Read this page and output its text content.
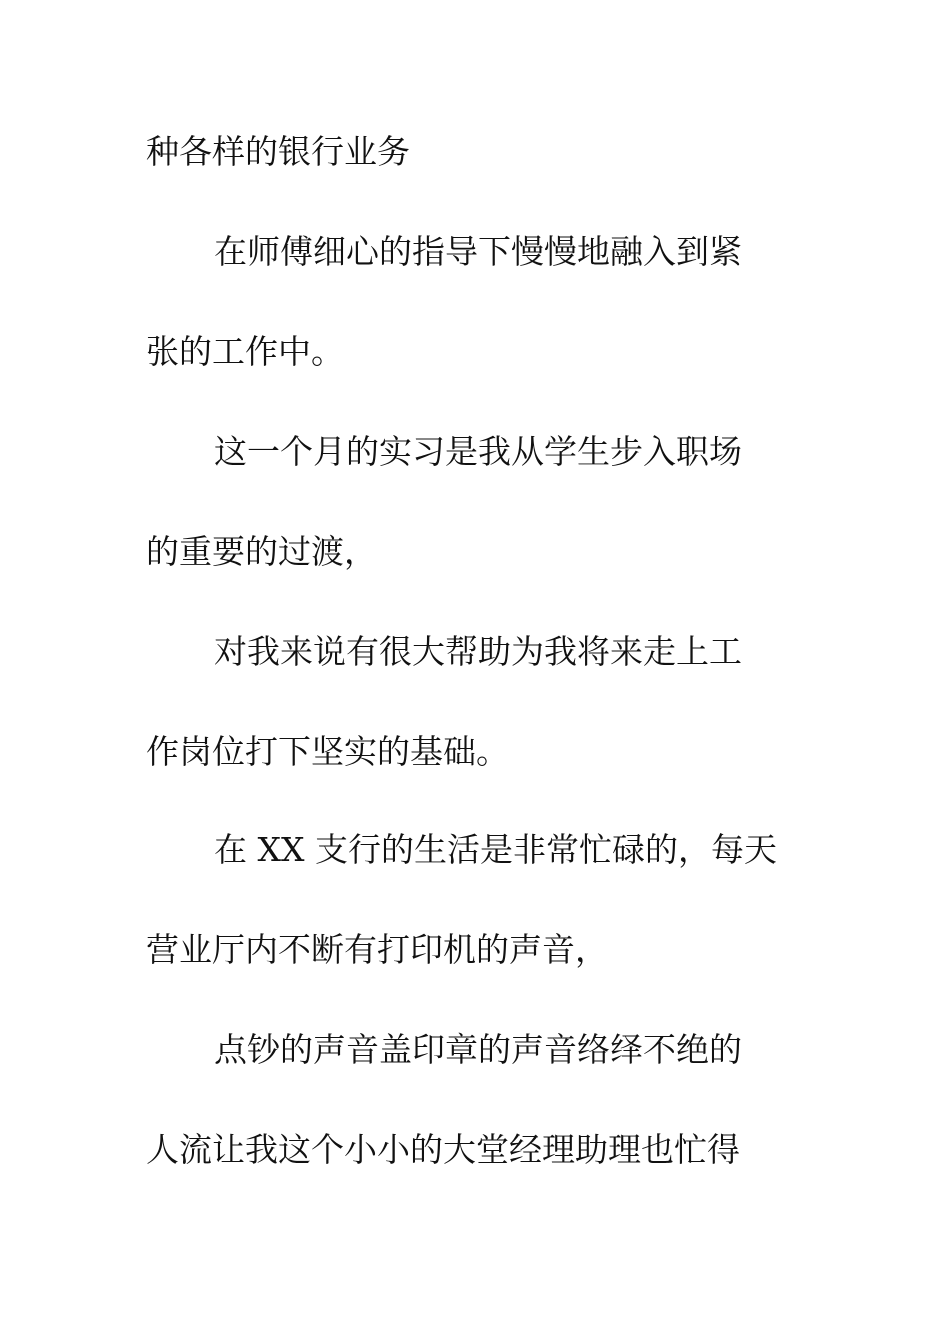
种各样的银行业务

在师傅细心的指导下慢慢地融入到紧

张的工作中。

这一个月的实习是我从学生步入职场

的重要的过渡，

对我来说有很大帮助为我将来走上工

作岗位打下坚实的基础。

在 XX 支行的生活是非常忙碌的，每天

营业厅内不断有打印机的声音，

点钞的声音盖印章的声音络绎不绝的

人流让我这个小小的大堂经理助理也忙得
